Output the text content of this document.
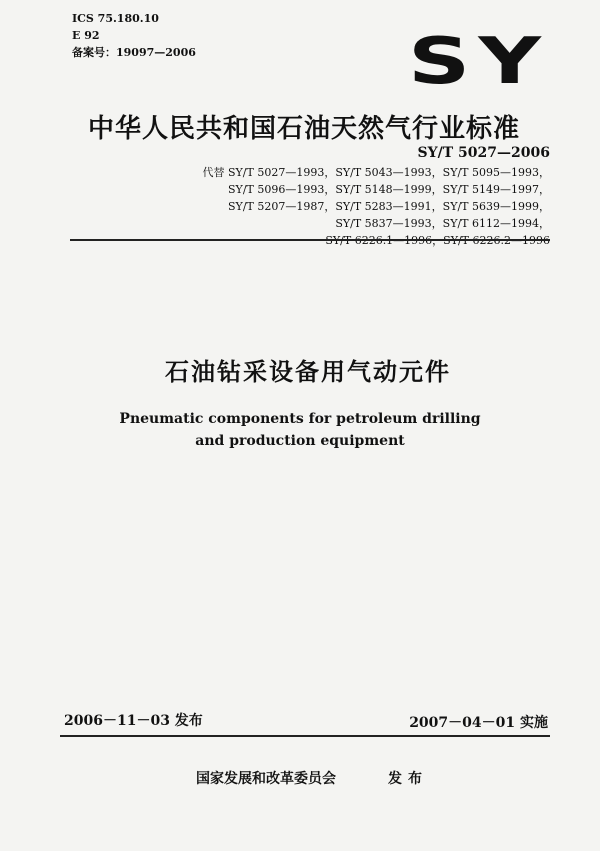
ICS 75.180.10
E 92
备案号：19097—2006	SY
中华人民共和国石油天然气行业标准
SY/T 5027—2006
代替 SY/T 5027—1993，SY/T 5043—1993，SY/T 5095—1993，
SY/T 5096—1993，SY/T 5148—1999，SY/T 5149—1997，
SY/T 5207—1987，SY/T 5283—1991，SY/T 5639—1999，
SY/T 5837—1993，SY/T 6112—1994，
石油钻采设备用气动元件
Pneumatic components for petroleum drilling
and production equipment
2006－11－03 发布	2007－04－01 实施
国家发展和改革委员会	发布
